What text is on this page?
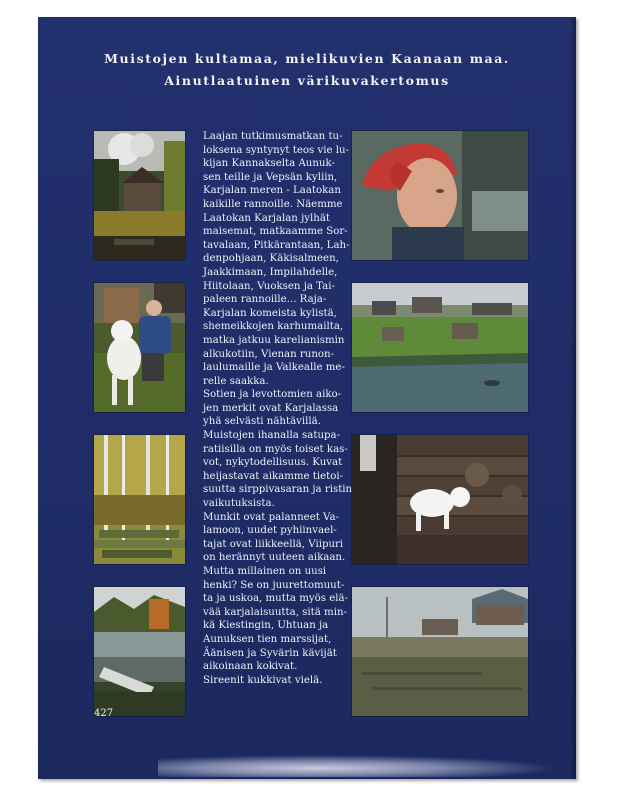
Muistojen kultamaa, mielikuvien Kaanaan maa.
Ainutlaatuinen värikuvakertomus
Laajan tutkimusmatkan tu-
loksena syntynyt teos vie lu-
kijan Kannakselta Aunuk-
sen teille ja Vepsän kyliin,
Karjalan meren - Laatokan
kaikille rannoille. Näemme
Laatokan Karjalan jylhät
maisemat, matkaamme Sor-
tavalaan, Pitkärantaan, Lah-
denpohjaan, Käkisalmeen,
Jaakkimaan, Impilahdelle,
Hiitolaan, Vuoksen ja Tai-
paleen rannoille... Raja-
Karjalan komeista kylistä,
shemeikkojen karhumailta,
matka jatkuu karelianismin
alkukotiin, Vienan runon-
laulumaille ja Valkealle me-
relle saakka.
Sotien ja levottomien aiko-
jen merkit ovat Karjalassa
yhä selvästi nähtävillä.
Muistojen ihanalla satupa-
ratiisilla on myös toiset kas-
vot, nykytodellisuus. Kuvat
heijastavat aikamme tietoi-
suutta sirppivasaran ja ristin
vaikutuksista.
Munkit ovat palanneet Va-
lamoon, uudet pyhiinvael-
tajat ovat liikkeellä, Viipuri
on herännyt uuteen aikaan.
Mutta millainen on uusi
henki? Se on juurettomuut-
ta ja uskoa, mutta myös elä-
vää karjalaisuutta, sitä min-
kä Kiestingin, Uhtuan ja
Aunuksen tien marssijat,
Äänisen ja Syvärin kävijät
aikoinaan kokivat.
Sireenit kukkivat vielä.
427
